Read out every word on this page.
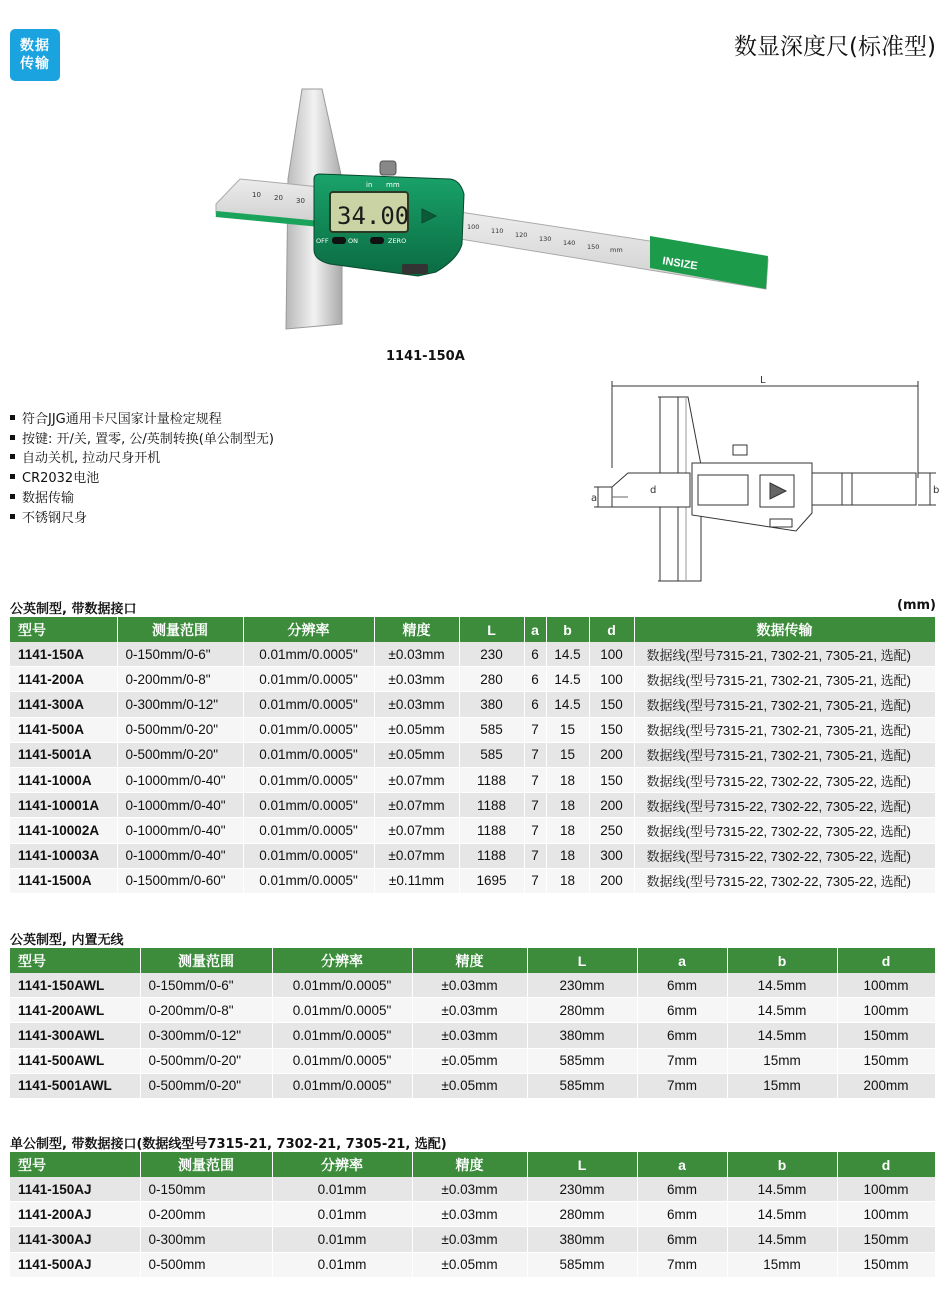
数据
传输
数显深度尺(标准型)
10 20 30
INSIZE
100 110 120 130 140 150 mm
34.00
in mm
OFF	ON	ZERO
1141-150A
符合JJG通用卡尺国家计量检定规程
按键: 开/关, 置零, 公/英制转换(单公制型无)
自动关机, 拉动尺身开机
CR2032电池
数据传输
不锈钢尺身
L
d
a
b
公英制型, 带数据接口	(mm)
型号	测量范围	分辨率	精度	L	a	b	d	数据传输
1141-150A	0-150mm/0-6"	0.01mm/0.0005"	±0.03mm	230	6	14.5	100	数据线(型号7315-21, 7302-21, 7305-21, 选配)
1141-200A	0-200mm/0-8"	0.01mm/0.0005"	±0.03mm	280	6	14.5	100	数据线(型号7315-21, 7302-21, 7305-21, 选配)
1141-300A	0-300mm/0-12"	0.01mm/0.0005"	±0.03mm	380	6	14.5	150	数据线(型号7315-21, 7302-21, 7305-21, 选配)
1141-500A	0-500mm/0-20"	0.01mm/0.0005"	±0.05mm	585	7	15	150	数据线(型号7315-21, 7302-21, 7305-21, 选配)
1141-5001A	0-500mm/0-20"	0.01mm/0.0005"	±0.05mm	585	7	15	200	数据线(型号7315-21, 7302-21, 7305-21, 选配)
1141-1000A	0-1000mm/0-40"	0.01mm/0.0005"	±0.07mm	1188	7	18	150	数据线(型号7315-22, 7302-22, 7305-22, 选配)
1141-10001A	0-1000mm/0-40"	0.01mm/0.0005"	±0.07mm	1188	7	18	200	数据线(型号7315-22, 7302-22, 7305-22, 选配)
1141-10002A	0-1000mm/0-40"	0.01mm/0.0005"	±0.07mm	1188	7	18	250	数据线(型号7315-22, 7302-22, 7305-22, 选配)
1141-10003A	0-1000mm/0-40"	0.01mm/0.0005"	±0.07mm	1188	7	18	300	数据线(型号7315-22, 7302-22, 7305-22, 选配)
1141-1500A	0-1500mm/0-60"	0.01mm/0.0005"	±0.11mm	1695	7	18	200	数据线(型号7315-22, 7302-22, 7305-22, 选配)
公英制型, 内置无线
型号	测量范围	分辨率	精度	L	a	b	d
1141-150AWL	0-150mm/0-6"	0.01mm/0.0005"	±0.03mm	230mm	6mm	14.5mm	100mm
1141-200AWL	0-200mm/0-8"	0.01mm/0.0005"	±0.03mm	280mm	6mm	14.5mm	100mm
1141-300AWL	0-300mm/0-12"	0.01mm/0.0005"	±0.03mm	380mm	6mm	14.5mm	150mm
1141-500AWL	0-500mm/0-20"	0.01mm/0.0005"	±0.05mm	585mm	7mm	15mm	150mm
1141-5001AWL	0-500mm/0-20"	0.01mm/0.0005"	±0.05mm	585mm	7mm	15mm	200mm
单公制型, 带数据接口(数据线型号7315-21, 7302-21, 7305-21, 选配)
型号	测量范围	分辨率	精度	L	a	b	d
1141-150AJ	0-150mm	0.01mm	±0.03mm	230mm	6mm	14.5mm	100mm
1141-200AJ	0-200mm	0.01mm	±0.03mm	280mm	6mm	14.5mm	100mm
1141-300AJ	0-300mm	0.01mm	±0.03mm	380mm	6mm	14.5mm	150mm
1141-500AJ	0-500mm	0.01mm	±0.05mm	585mm	7mm	15mm	150mm
